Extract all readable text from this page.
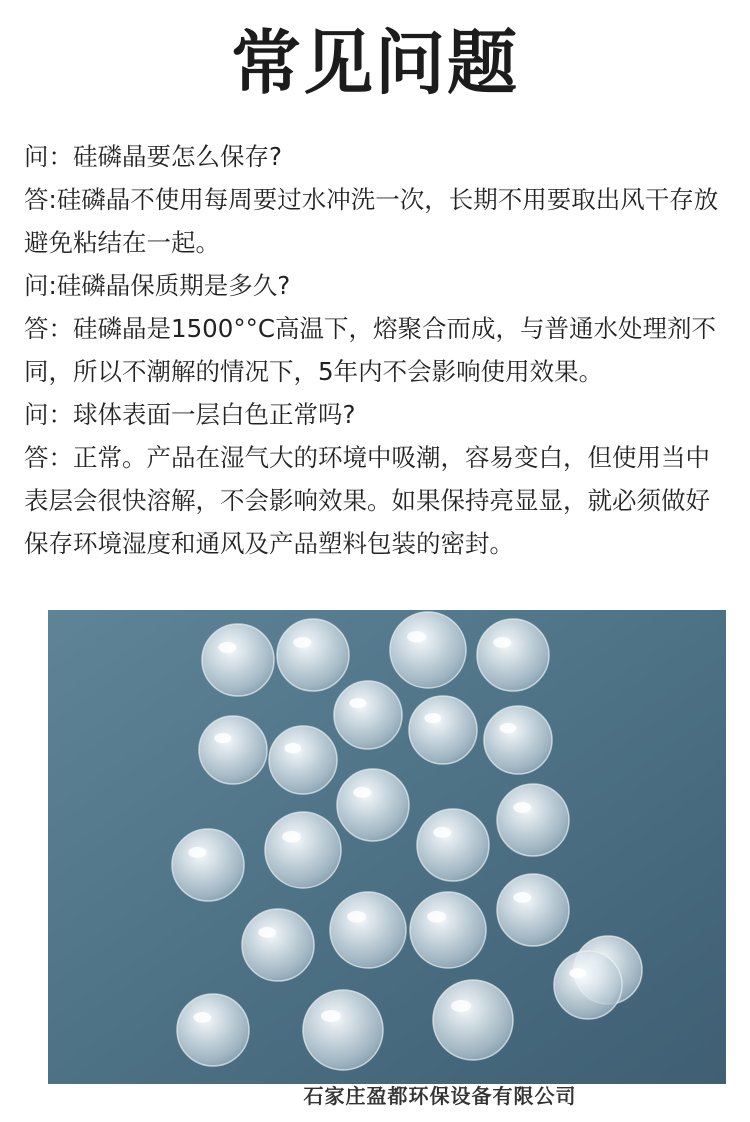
常见问题

问：硅磷晶要怎么保存?

答:硅磷晶不使用每周要过水冲洗一次，长期不用要取出风干存放避免粘结在一起。

问:硅磷晶保质期是多久?

答：硅磷晶是1500°°C高温下，熔聚合而成，与普通水处理剂不同，所以不潮解的情况下，5年内不会影响使用效果。

问：球体表面一层白色正常吗?

答：正常。产品在湿气大的环境中吸潮，容易变白，但使用当中表层会很快溶解，不会影响效果。如果保持亮显显，就必须做好保存环境湿度和通风及产品塑料包装的密封。

石家庄盈都环保设备有限公司
